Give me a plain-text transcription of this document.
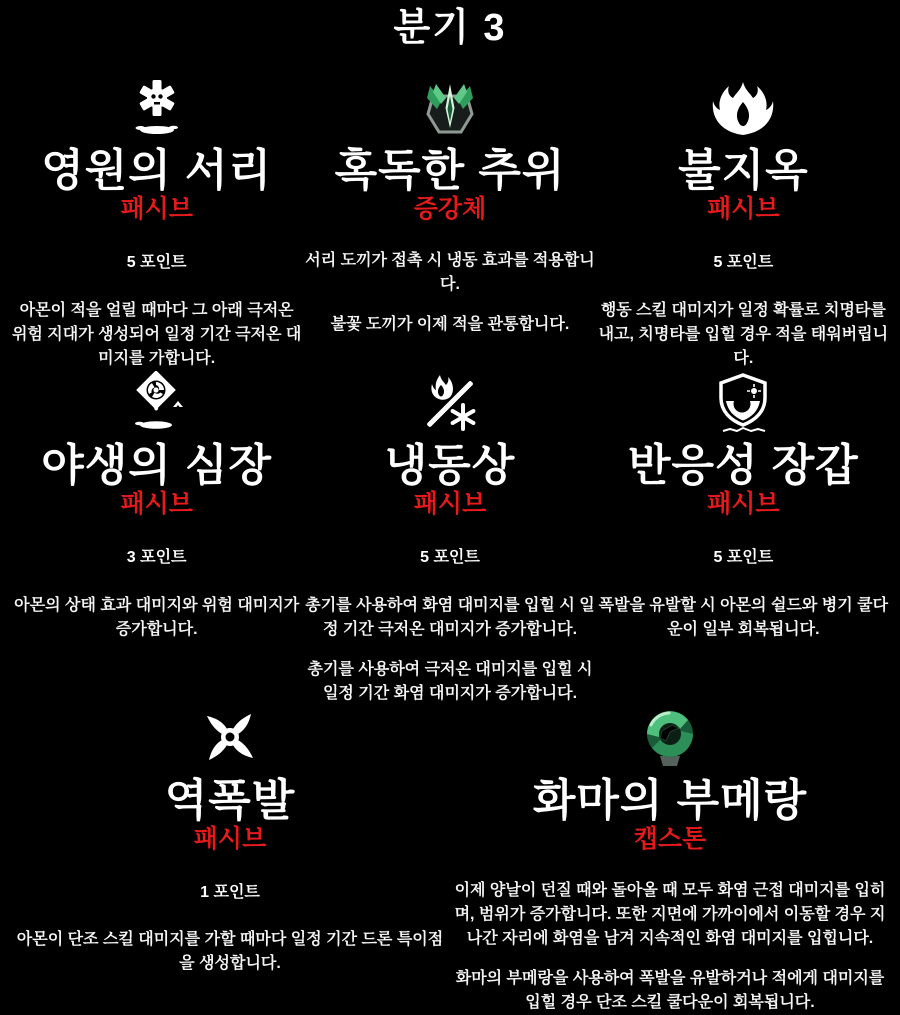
분기 3
영원의 서리
패시브
5 포인트

아몬이 적을 얼릴 때마다 그 아래 극저온 위험 지대가 생성되어 일정 기간 극저온 대미지를 가합니다.

혹독한 추위
증강체

서리 도끼가 접촉 시 냉동 효과를 적용합니다.

불꽃 도끼가 이제 적을 관통합니다.

불지옥
패시브
5 포인트

행동 스킬 대미지가 일정 확률로 치명타를 내고, 치명타를 입힐 경우 적을 태워버립니다.

야생의 심장
패시브
3 포인트

아몬의 상태 효과 대미지와 위험 대미지가 증가합니다.

냉동상
패시브
5 포인트

총기를 사용하여 화염 대미지를 입힐 시 일정 기간 극저온 대미지가 증가합니다.

총기를 사용하여 극저온 대미지를 입힐 시 일정 기간 화염 대미지가 증가합니다.

반응성 장갑
패시브
5 포인트

폭발을 유발할 시 아몬의 쉴드와 병기 쿨다운이 일부 회복됩니다.

역폭발
패시브
1 포인트

아몬이 단조 스킬 대미지를 가할 때마다 일정 기간 드론 특이점을 생성합니다.

화마의 부메랑
캡스톤

이제 양날이 던질 때와 돌아올 때 모두 화염 근접 대미지를 입히며, 범위가 증가합니다. 또한 지면에 가까이에서 이동할 경우 지나간 자리에 화염을 남겨 지속적인 화염 대미지를 입힙니다.

화마의 부메랑을 사용하여 폭발을 유발하거나 적에게 대미지를 입힐 경우 단조 스킬 쿨다운이 회복됩니다.
